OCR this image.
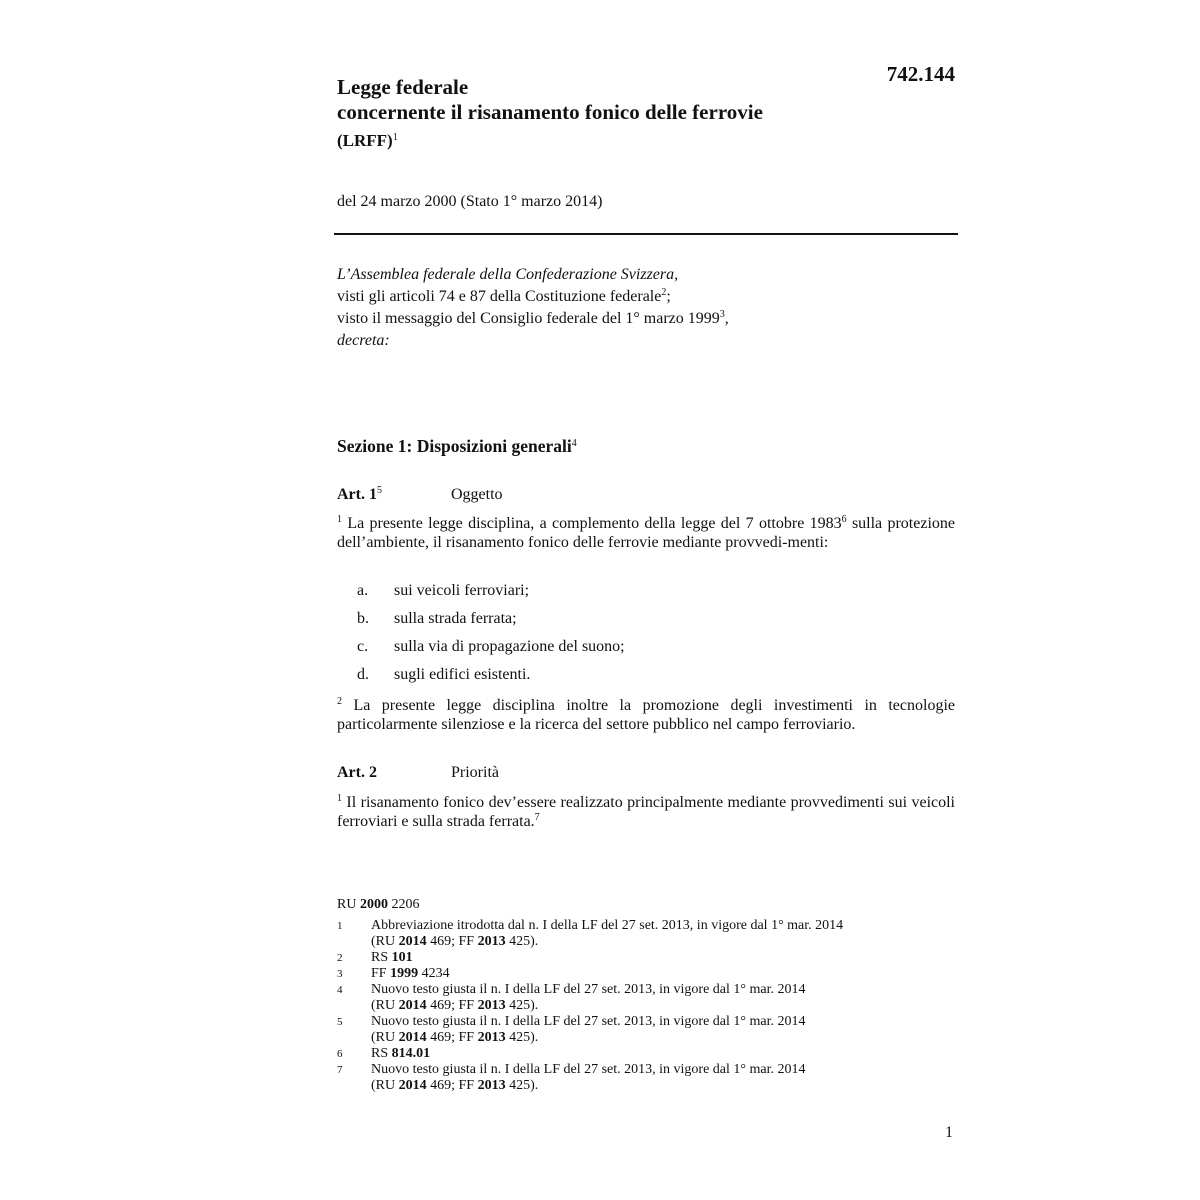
742.144
Legge federale
concernente il risanamento fonico delle ferrovie
(LRFF)$^1$
del 24 marzo 2000 (Stato 1° marzo 2014)
L’Assemblea federale della Confederazione Svizzera,
visti gli articoli 74 e 87 della Costituzione federale$^2$;
visto il messaggio del Consiglio federale del 1° marzo 1999$^3$,
decreta:
Sezione 1: Disposizioni generali$^4$
Art. $1^5$	Oggetto
$^1$ La presente legge disciplina, a complemento della legge del 7 ottobre 1983$^6$ sulla protezione dell’ambiente, il risanamento fonico delle ferrovie mediante provvedi-menti:
a. sui veicoli ferroviari;
b. sulla strada ferrata;
c. sulla via di propagazione del suono;
d. sugli edifici esistenti.
$^2$ La presente legge disciplina inoltre la promozione degli investimenti in tecnologie particolarmente silenziose e la ricerca del settore pubblico nel campo ferroviario.
Art. 2	Priorità
$^1$ Il risanamento fonico dev’essere realizzato principalmente mediante provvedimenti sui veicoli ferroviari e sulla strada ferrata.$^7$
RU 2000 2206
1	Abbreviazione itrodotta dal n. I della LF del 27 set. 2013, in vigore dal 1° mar. 2014
(RU 2014 469; FF 2013 425).
2	RS 101
3	FF 1999 4234
4	Nuovo testo giusta il n. I della LF del 27 set. 2013, in vigore dal 1° mar. 2014
(RU 2014 469; FF 2013 425).
5	Nuovo testo giusta il n. I della LF del 27 set. 2013, in vigore dal 1° mar. 2014
(RU 2014 469; FF 2013 425).
6	RS 814.01
7	Nuovo testo giusta il n. I della LF del 27 set. 2013, in vigore dal 1° mar. 2014
(RU 2014 469; FF 2013 425).
1
